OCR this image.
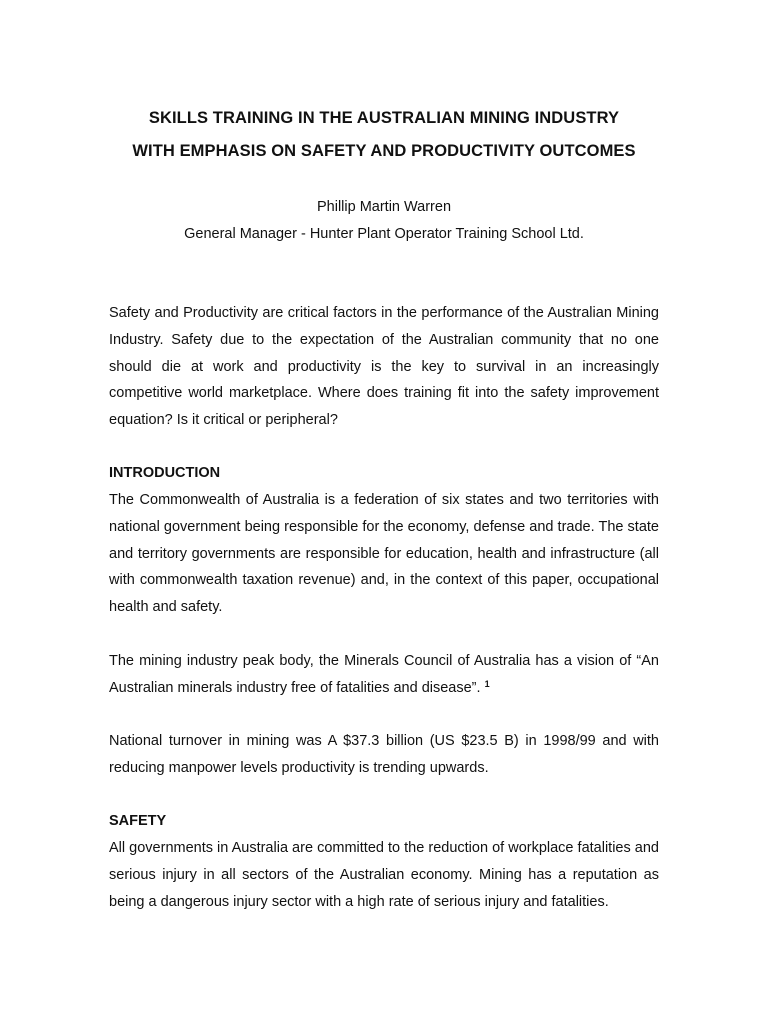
SKILLS TRAINING IN THE AUSTRALIAN MINING INDUSTRY
WITH EMPHASIS ON SAFETY AND PRODUCTIVITY OUTCOMES
Phillip Martin Warren
General Manager - Hunter Plant Operator Training School Ltd.

Safety and Productivity are critical factors in the performance of the Australian Mining Industry. Safety due to the expectation of the Australian community that no one should die at work and productivity is the key to survival in an increasingly competitive world marketplace. Where does training fit into the safety improvement equation? Is it critical or peripheral?

INTRODUCTION

The Commonwealth of Australia is a federation of six states and two territories with national government being responsible for the economy, defense and trade. The state and territory governments are responsible for education, health and infrastructure (all with commonwealth taxation revenue) and, in the context of this paper, occupational health and safety.

The mining industry peak body, the Minerals Council of Australia has a vision of “An Australian minerals industry free of fatalities and disease”. $^1$

National turnover in mining was A $37.3 billion (US $23.5 B) in 1998/99 and with reducing manpower levels productivity is trending upwards.

SAFETY

All governments in Australia are committed to the reduction of workplace fatalities and serious injury in all sectors of the Australian economy. Mining has a reputation as being a dangerous injury sector with a high rate of serious injury and fatalities.
